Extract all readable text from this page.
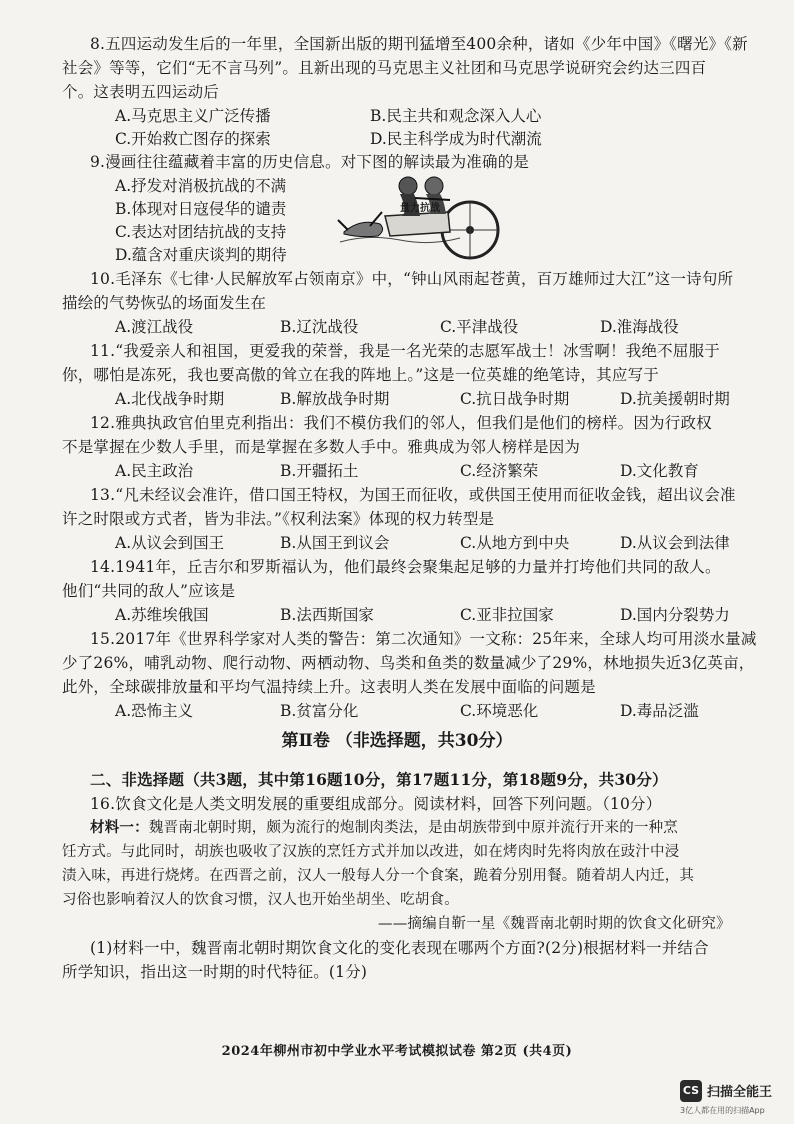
8.五四运动发生后的一年里，全国新出版的期刊猛增至400余种，诸如《少年中国》《曙光》《新
社会》等等，它们“无不言马列”。且新出现的马克思主义社团和马克思学说研究会约达三四百
个。这表明五四运动后
A.马克思主义广泛传播	B.民主共和观念深入人心
C.开始救亡图存的探索	D.民主科学成为时代潮流
9.漫画往往蕴藏着丰富的历史信息。对下图的解读最为准确的是
A.抒发对消极抗战的不满
B.体现对日寇侵华的谴责
C.表达对团结抗战的支持
D.蕴含对重庆谈判的期待
量力抗战
10.毛泽东《七律·人民解放军占领南京》中，“钟山风雨起苍黄，百万雄师过大江”这一诗句所
描绘的气势恢弘的场面发生在
A.渡江战役	B.辽沈战役	C.平津战役	D.淮海战役
11.“我爱亲人和祖国，更爱我的荣誉，我是一名光荣的志愿军战士！冰雪啊！我绝不屈服于
你，哪怕是冻死，我也要高傲的耸立在我的阵地上。”这是一位英雄的绝笔诗，其应写于
A.北伐战争时期	B.解放战争时期	C.抗日战争时期	D.抗美援朝时期
12.雅典执政官伯里克利指出：我们不模仿我们的邻人，但我们是他们的榜样。因为行政权
不是掌握在少数人手里，而是掌握在多数人手中。雅典成为邻人榜样是因为
A.民主政治	B.开疆拓土	C.经济繁荣	D.文化教育
13.“凡未经议会准许，借口国王特权，为国王而征收，或供国王使用而征收金钱，超出议会准
许之时限或方式者，皆为非法。”《权利法案》体现的权力转型是
A.从议会到国王	B.从国王到议会	C.从地方到中央	D.从议会到法律
14.1941年，丘吉尔和罗斯福认为，他们最终会聚集起足够的力量并打垮他们共同的敌人。
他们“共同的敌人”应该是
A.苏维埃俄国	B.法西斯国家	C.亚非拉国家	D.国内分裂势力
15.2017年《世界科学家对人类的警告：第二次通知》一文称：25年来，全球人均可用淡水量减
少了26%，哺乳动物、爬行动物、两栖动物、鸟类和鱼类的数量减少了29%，林地损失近3亿英亩，
此外，全球碳排放量和平均气温持续上升。这表明人类在发展中面临的问题是
A.恐怖主义	B.贫富分化	C.环境恶化	D.毒品泛滥
第Ⅱ卷 （非选择题，共30分）
二、非选择题（共3题，其中第16题10分，第17题11分，第18题9分，共30分）
16.饮食文化是人类文明发展的重要组成部分。阅读材料，回答下列问题。（10分）
材料一：魏晋南北朝时期，颇为流行的炮制肉类法，是由胡族带到中原并流行开来的一种烹
饪方式。与此同时，胡族也吸收了汉族的烹饪方式并加以改进，如在烤肉时先将肉放在豉汁中浸
渍入味，再进行烧烤。在西晋之前，汉人一般每人分一个食案，跪着分别用餐。随着胡人内迁，其
习俗也影响着汉人的饮食习惯，汉人也开始坐胡坐、吃胡食。
——摘编自靳一星《魏晋南北朝时期的饮食文化研究》
(1)材料一中，魏晋南北朝时期饮食文化的变化表现在哪两个方面?(2分)根据材料一并结合
所学知识，指出这一时期的时代特征。(1分)
2024年柳州市初中学业水平考试模拟试卷 第2页 (共4页)
CS 扫描全能王
3亿人都在用的扫描App
